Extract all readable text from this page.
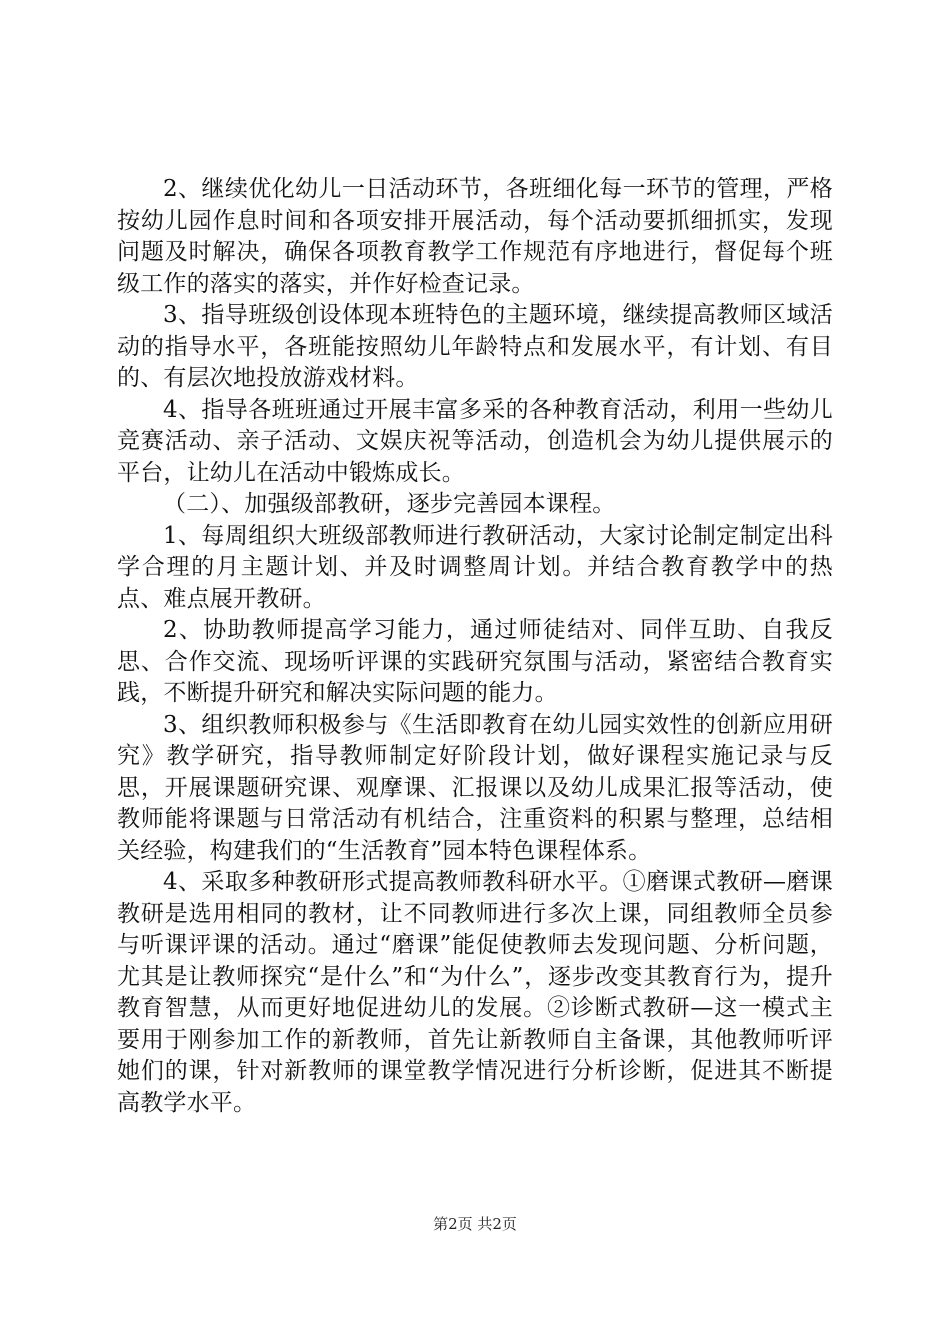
2、继续优化幼儿一日活动环节，各班细化每一环节的管理，严格按幼儿园作息时间和各项安排开展活动，每个活动要抓细抓实，发现问题及时解决，确保各项教育教学工作规范有序地进行，督促每个班级工作的落实的落实，并作好检查记录。

3、指导班级创设体现本班特色的主题环境，继续提高教师区域活动的指导水平，各班能按照幼儿年龄特点和发展水平，有计划、有目的、有层次地投放游戏材料。

4、指导各班班通过开展丰富多采的各种教育活动，利用一些幼儿竞赛活动、亲子活动、文娱庆祝等活动，创造机会为幼儿提供展示的平台，让幼儿在活动中锻炼成长。

（二）、加强级部教研，逐步完善园本课程。

1、每周组织大班级部教师进行教研活动，大家讨论制定制定出科学合理的月主题计划、并及时调整周计划。并结合教育教学中的热点、难点展开教研。

2、协助教师提高学习能力，通过师徒结对、同伴互助、自我反思、合作交流、现场听评课的实践研究氛围与活动，紧密结合教育实践，不断提升研究和解决实际问题的能力。

3、组织教师积极参与《生活即教育在幼儿园实效性的创新应用研究》教学研究，指导教师制定好阶段计划，做好课程实施记录与反思，开展课题研究课、观摩课、汇报课以及幼儿成果汇报等活动，使教师能将课题与日常活动有机结合，注重资料的积累与整理，总结相关经验，构建我们的“生活教育”园本特色课程体系。

4、采取多种教研形式提高教师教科研水平。①磨课式教研—磨课教研是选用相同的教材，让不同教师进行多次上课，同组教师全员参与听课评课的活动。通过“磨课”能促使教师去发现问题、分析问题，尤其是让教师探究“是什么”和“为什么”，逐步改变其教育行为，提升教育智慧，从而更好地促进幼儿的发展。②诊断式教研—这一模式主要用于刚参加工作的新教师，首先让新教师自主备课，其他教师听评她们的课，针对新教师的课堂教学情况进行分析诊断，促进其不断提高教学水平。

第2页 共2页
